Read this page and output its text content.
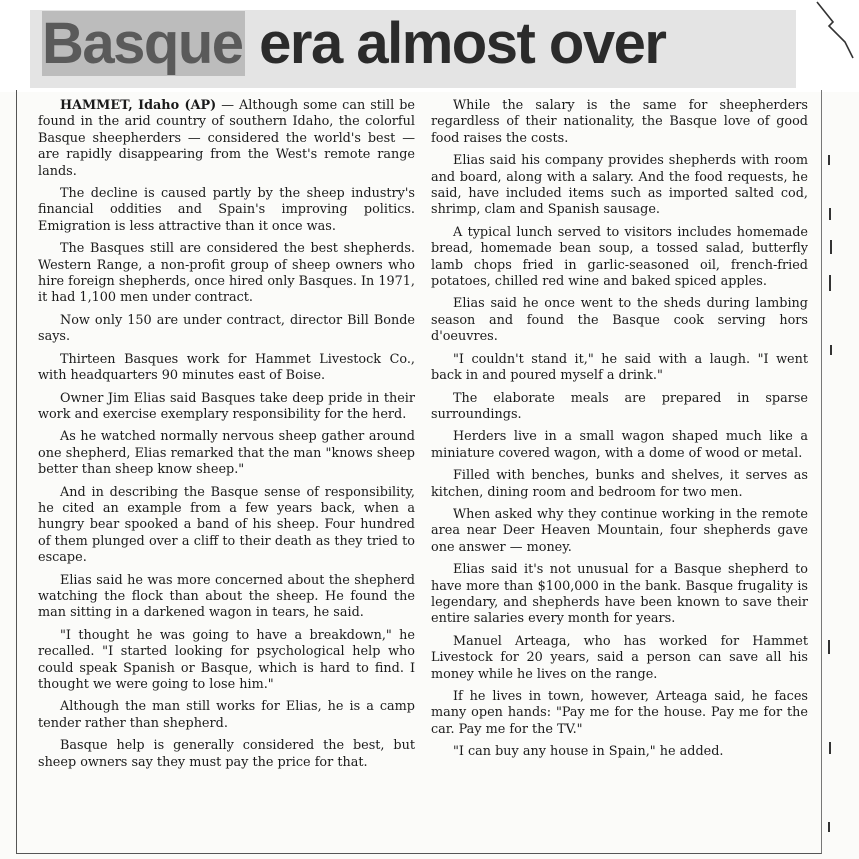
Basque era almost over

HAMMET, Idaho (AP) — Although some can still be found in the arid country of southern Idaho, the colorful Basque sheepherders — considered the world's best — are rapidly disappearing from the West's remote range lands.

The decline is caused partly by the sheep industry's financial oddities and Spain's improving politics. Emigration is less attractive than it once was.

The Basques still are considered the best shepherds. Western Range, a non-profit group of sheep owners who hire foreign shepherds, once hired only Basques. In 1971, it had 1,100 men under contract.

Now only 150 are under contract, director Bill Bonde says.

Thirteen Basques work for Hammet Livestock Co., with headquarters 90 minutes east of Boise.

Owner Jim Elias said Basques take deep pride in their work and exercise exemplary responsibility for the herd.

As he watched normally nervous sheep gather around one shepherd, Elias remarked that the man "knows sheep better than sheep know sheep."

And in describing the Basque sense of responsibility, he cited an example from a few years back, when a hungry bear spooked a band of his sheep. Four hundred of them plunged over a cliff to their death as they tried to escape.

Elias said he was more concerned about the shepherd watching the flock than about the sheep. He found the man sitting in a darkened wagon in tears, he said.

"I thought he was going to have a breakdown," he recalled. "I started looking for psychological help who could speak Spanish or Basque, which is hard to find. I thought we were going to lose him."

Although the man still works for Elias, he is a camp tender rather than shepherd.

Basque help is generally considered the best, but sheep owners say they must pay the price for that.

While the salary is the same for sheepherders regardless of their nationality, the Basque love of good food raises the costs.

Elias said his company provides shepherds with room and board, along with a salary. And the food requests, he said, have included items such as imported salted cod, shrimp, clam and Spanish sausage.

A typical lunch served to visitors includes homemade bread, homemade bean soup, a tossed salad, butterfly lamb chops fried in garlic-seasoned oil, french-fried potatoes, chilled red wine and baked spiced apples.

Elias said he once went to the sheds during lambing season and found the Basque cook serving hors d'oeuvres.

"I couldn't stand it," he said with a laugh. "I went back in and poured myself a drink."

The elaborate meals are prepared in sparse surroundings.

Herders live in a small wagon shaped much like a miniature covered wagon, with a dome of wood or metal.

Filled with benches, bunks and shelves, it serves as kitchen, dining room and bedroom for two men.

When asked why they continue working in the remote area near Deer Heaven Mountain, four shepherds gave one answer — money.

Elias said it's not unusual for a Basque shepherd to have more than $100,000 in the bank. Basque frugality is legendary, and shepherds have been known to save their entire salaries every month for years.

Manuel Arteaga, who has worked for Hammet Livestock for 20 years, said a person can save all his money while he lives on the range.

If he lives in town, however, Arteaga said, he faces many open hands: "Pay me for the house. Pay me for the car. Pay me for the TV."

"I can buy any house in Spain," he added.
